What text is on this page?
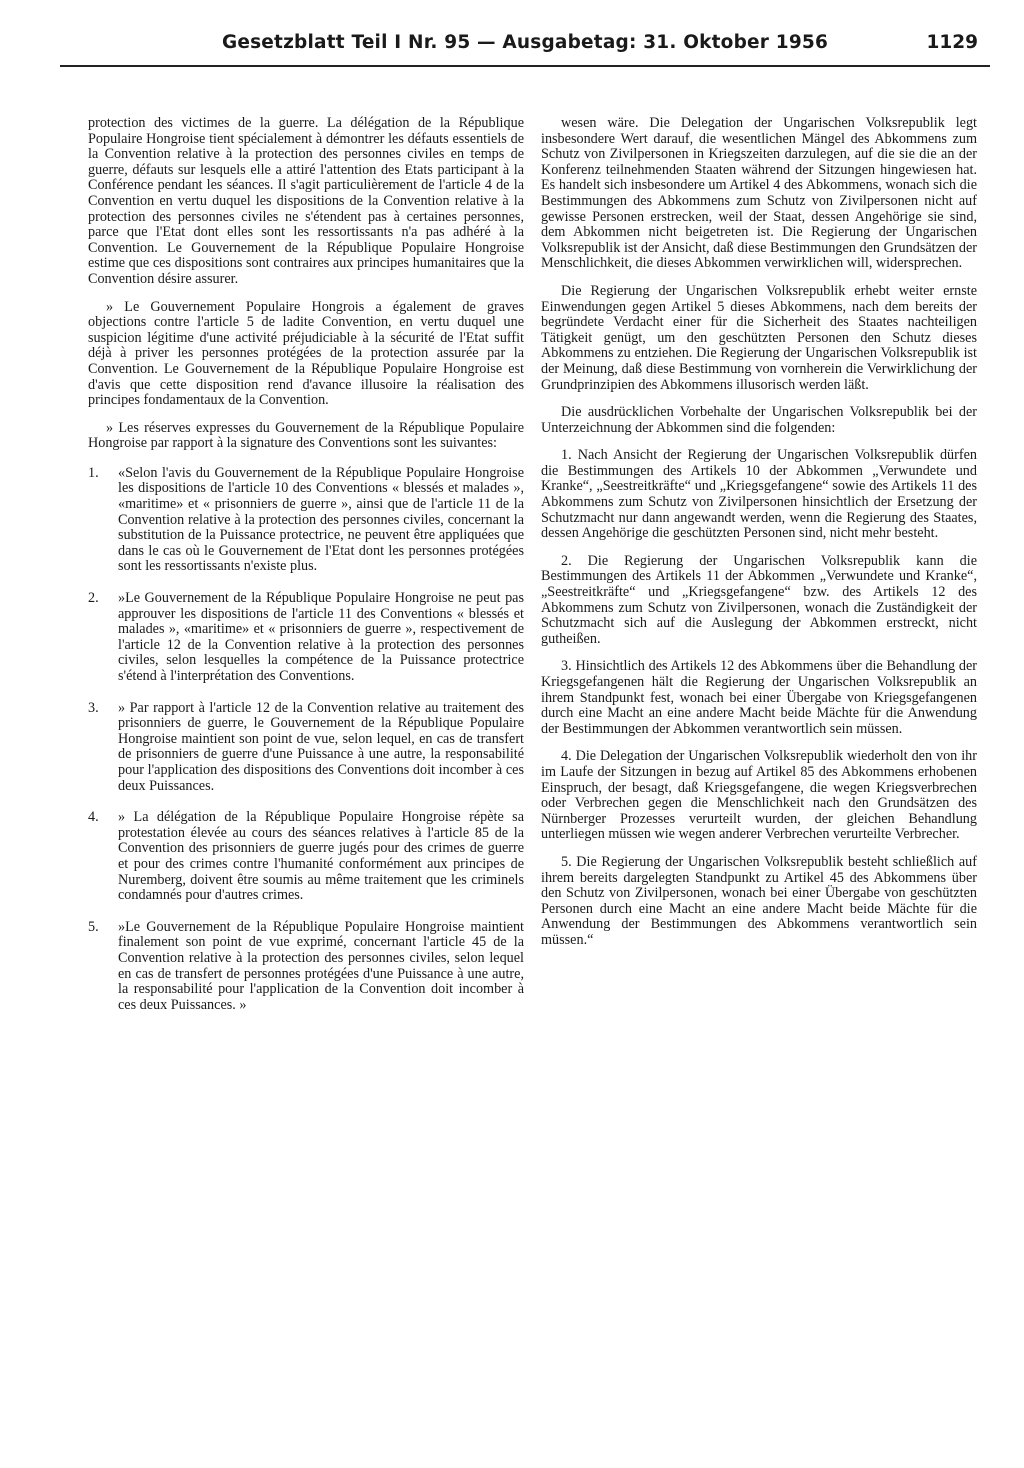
Gesetzblatt Teil I Nr. 95 — Ausgabetag: 31. Oktober 1956	1129

protection des victimes de la guerre. La délégation de la République Populaire Hongroise tient spécialement à démontrer les défauts essentiels de la Convention relative à la protection des personnes civiles en temps de guerre, défauts sur lesquels elle a attiré l'attention des Etats participant à la Conférence pendant les séances. Il s'agit particulièrement de l'article 4 de la Convention en vertu duquel les dispositions de la Convention relative à la protection des personnes civiles ne s'étendent pas à certaines personnes, parce que l'Etat dont elles sont les ressortissants n'a pas adhéré à la Convention. Le Gouvernement de la République Populaire Hongroise estime que ces dispositions sont contraires aux principes humanitaires que la Convention désire assurer.

» Le Gouvernement Populaire Hongrois a également de graves objections contre l'article 5 de ladite Convention, en vertu duquel une suspicion légitime d'une activité préjudiciable à la sécurité de l'Etat suffit déjà à priver les personnes protégées de la protection assurée par la Convention. Le Gouvernement de la République Populaire Hongroise est d'avis que cette disposition rend d'avance illusoire la réalisation des principes fondamentaux de la Convention.

» Les réserves expresses du Gouvernement de la République Populaire Hongroise par rapport à la signature des Conventions sont les suivantes:

1.	«Selon l'avis du Gouvernement de la République Populaire Hongroise les dispositions de l'article 10 des Conventions « blessés et malades », «maritime» et « prisonniers de guerre », ainsi que de l'article 11 de la Convention relative à la protection des personnes civiles, concernant la substitution de la Puissance protectrice, ne peuvent être appliquées que dans le cas où le Gouvernement de l'Etat dont les personnes protégées sont les ressortissants n'existe plus.
2.	»Le Gouvernement de la République Populaire Hongroise ne peut pas approuver les dispositions de l'article 11 des Conventions « blessés et malades », «maritime» et « prisonniers de guerre », respectivement de l'article 12 de la Convention relative à la protection des personnes civiles, selon lesquelles la compétence de la Puissance protectrice s'étend à l'interprétation des Conventions.
3.	» Par rapport à l'article 12 de la Convention relative au traitement des prisonniers de guerre, le Gouvernement de la République Populaire Hongroise maintient son point de vue, selon lequel, en cas de transfert de prisonniers de guerre d'une Puissance à une autre, la responsabilité pour l'application des dispositions des Conventions doit incomber à ces deux Puissances.
4.	» La délégation de la République Populaire Hongroise répète sa protestation élevée au cours des séances relatives à l'article 85 de la Convention des prisonniers de guerre jugés pour des crimes de guerre et pour des crimes contre l'humanité conformément aux principes de Nuremberg, doivent être soumis au même traitement que les criminels condamnés pour d'autres crimes.
5.	»Le Gouvernement de la République Populaire Hongroise maintient finalement son point de vue exprimé, concernant l'article 45 de la Convention relative à la protection des personnes civiles, selon lequel en cas de transfert de personnes protégées d'une Puissance à une autre, la responsabilité pour l'application de la Convention doit incomber à ces deux Puissances. »

wesen wäre. Die Delegation der Ungarischen Volksrepublik legt insbesondere Wert darauf, die wesentlichen Mängel des Abkommens zum Schutz von Zivilpersonen in Kriegszeiten darzulegen, auf die sie die an der Konferenz teilnehmenden Staaten während der Sitzungen hingewiesen hat. Es handelt sich insbesondere um Artikel 4 des Abkommens, wonach sich die Bestimmungen des Abkommens zum Schutz von Zivilpersonen nicht auf gewisse Personen erstrecken, weil der Staat, dessen Angehörige sie sind, dem Abkommen nicht beigetreten ist. Die Regierung der Ungarischen Volksrepublik ist der Ansicht, daß diese Bestimmungen den Grundsätzen der Menschlichkeit, die dieses Abkommen verwirklichen will, widersprechen.

Die Regierung der Ungarischen Volksrepublik erhebt weiter ernste Einwendungen gegen Artikel 5 dieses Abkommens, nach dem bereits der begründete Verdacht einer für die Sicherheit des Staates nachteiligen Tätigkeit genügt, um den geschützten Personen den Schutz dieses Abkommens zu entziehen. Die Regierung der Ungarischen Volksrepublik ist der Meinung, daß diese Bestimmung von vornherein die Verwirklichung der Grundprinzipien des Abkommens illusorisch werden läßt.

Die ausdrücklichen Vorbehalte der Ungarischen Volksrepublik bei der Unterzeichnung der Abkommen sind die folgenden:

1. Nach Ansicht der Regierung der Ungarischen Volksrepublik dürfen die Bestimmungen des Artikels 10 der Abkommen „Verwundete und Kranke“, „Seestreitkräfte“ und „Kriegsgefangene“ sowie des Artikels 11 des Abkommens zum Schutz von Zivilpersonen hinsichtlich der Ersetzung der Schutzmacht nur dann angewandt werden, wenn die Regierung des Staates, dessen Angehörige die geschützten Personen sind, nicht mehr besteht.

2. Die Regierung der Ungarischen Volksrepublik kann die Bestimmungen des Artikels 11 der Abkommen „Verwundete und Kranke“, „Seestreitkräfte“ und „Kriegsgefangene“ bzw. des Artikels 12 des Abkommens zum Schutz von Zivilpersonen, wonach die Zuständigkeit der Schutzmacht sich auf die Auslegung der Abkommen erstreckt, nicht gutheißen.

3. Hinsichtlich des Artikels 12 des Abkommens über die Behandlung der Kriegsgefangenen hält die Regierung der Ungarischen Volksrepublik an ihrem Standpunkt fest, wonach bei einer Übergabe von Kriegsgefangenen durch eine Macht an eine andere Macht beide Mächte für die Anwendung der Bestimmungen der Abkommen verantwortlich sein müssen.

4. Die Delegation der Ungarischen Volksrepublik wiederholt den von ihr im Laufe der Sitzungen in bezug auf Artikel 85 des Abkommens erhobenen Einspruch, der besagt, daß Kriegsgefangene, die wegen Kriegsverbrechen oder Verbrechen gegen die Menschlichkeit nach den Grundsätzen des Nürnberger Prozesses verurteilt wurden, der gleichen Behandlung unterliegen müssen wie wegen anderer Verbrechen verurteilte Verbrecher.

5. Die Regierung der Ungarischen Volksrepublik besteht schließlich auf ihrem bereits dargelegten Standpunkt zu Artikel 45 des Abkommens über den Schutz von Zivilpersonen, wonach bei einer Übergabe von geschützten Personen durch eine Macht an eine andere Macht beide Mächte für die Anwendung der Bestimmungen des Abkommens verantwortlich sein müssen.“
